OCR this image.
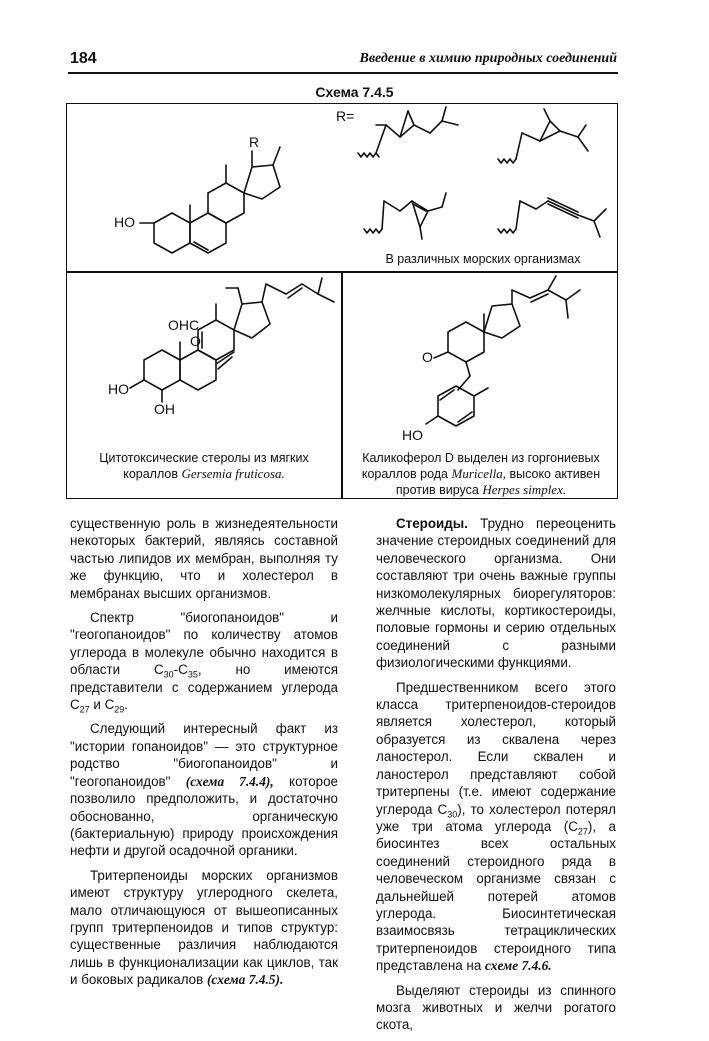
184	Введение в химию природных соединений
Схема 7.4.5
R
HO
R=
В различных морских организмах
OHC
O
HO
OH
O
HO
Цитотоксические стеролы из мягких
кораллов Gersemia fruticosa.
Каликоферол D выделен из горгониевых
кораллов рода Muricella, высоко активен
против вируса Herpes simplex.

существенную роль в жизнедеятельности некоторых бактерий, являясь составной частью липидов их мембран, выполняя ту же функцию, что и холестерол в мембранах высших организмов.

Спектр "биогопаноидов" и "геогопаноидов" по количеству атомов углерода в молекуле обычно находится в области $С_{30}-С_{35}$, но имеются представители с содержанием углерода $С_{27}$ и $С_{29}$.

Следующий интересный факт из "истории гопаноидов" — это структурное родство "биогопаноидов" и "геогопаноидов" (схема 7.4.4), которое позволило предположить, и достаточно обоснованно, органическую (бактериальную) природу происхождения нефти и другой осадочной органики.

Тритерпеноиды морских организмов имеют структуру углеродного скелета, мало отличающуюся от вышеописанных групп тритерпеноидов и типов структур: существенные различия наблюдаются лишь в функционализации как циклов, так и боковых радикалов (схема 7.4.5).

Стероиды. Трудно переоценить значение стероидных соединений для человеческого организма. Они составляют три очень важные группы низкомолекулярных биорегуляторов: желчные кислоты, кортикостероиды, половые гормоны и серию отдельных соединений с разными физиологическими функциями.

Предшественником всего этого класса тритерпеноидов-стероидов является холестерол, который образуется из сквалена через ланостерол. Если сквален и ланостерол представляют собой тритерпены (т.е. имеют содержание углерода $С_{30}$), то холестерол потерял уже три атома углерода $(С_{27})$, а биосинтез всех остальных соединений стероидного ряда в человеческом организме связан с дальнейшей потерей атомов углерода. Биосинтетическая взаимосвязь тетрациклических тритерпеноидов стероидного типа представлена на схеме 7.4.6.

Выделяют стероиды из спинного мозга животных и желчи рогатого скота,
